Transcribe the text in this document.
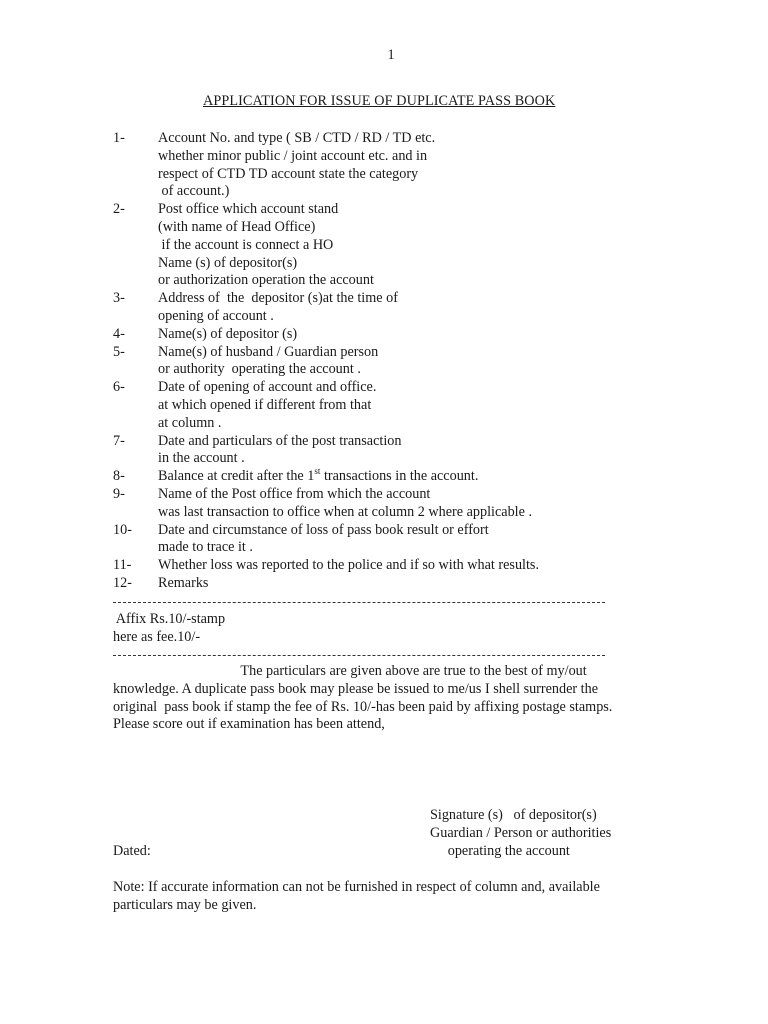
1
APPLICATION FOR ISSUE OF DUPLICATE PASS BOOK
1-	Account No. and type ( SB / CTD / RD / TD etc.
whether minor public / joint account etc. and in
respect of CTD TD account state the category
of account.)
2-	Post office which account stand
(with name of Head Office)
if the account is connect a HO
Name (s) of depositor(s)
or authorization operation the account
3-	Address of  the  depositor (s)at the time of
opening of account .
4-	Name(s) of depositor (s)
5-	Name(s) of husband / Guardian person
or authority  operating the account .
6-	Date of opening of account and office.
at which opened if different from that
at column .
7-	Date and particulars of the post transaction
in the account .
8-	Balance at credit after the 1st transactions in the account.
9-	Name of the Post office from which the account
was last transaction to office when at column 2 where applicable .
10-	Date and circumstance of loss of pass book result or effort
made to trace it .
11-	Whether loss was reported to the police and if so with what results.
12-	Remarks
Affix Rs.10/-stamp
here as fee.10/-
The particulars are given above are true to the best of my/out
knowledge. A duplicate pass book may please be issued to me/us I shell surrender the
original  pass book if stamp the fee of Rs. 10/-has been paid by affixing postage stamps.
Please score out if examination has been attend,
Signature (s)   of depositor(s)
Guardian / Person or authorities
operating the account
Dated:
Note: If accurate information can not be furnished in respect of column and, available
particulars may be given.
